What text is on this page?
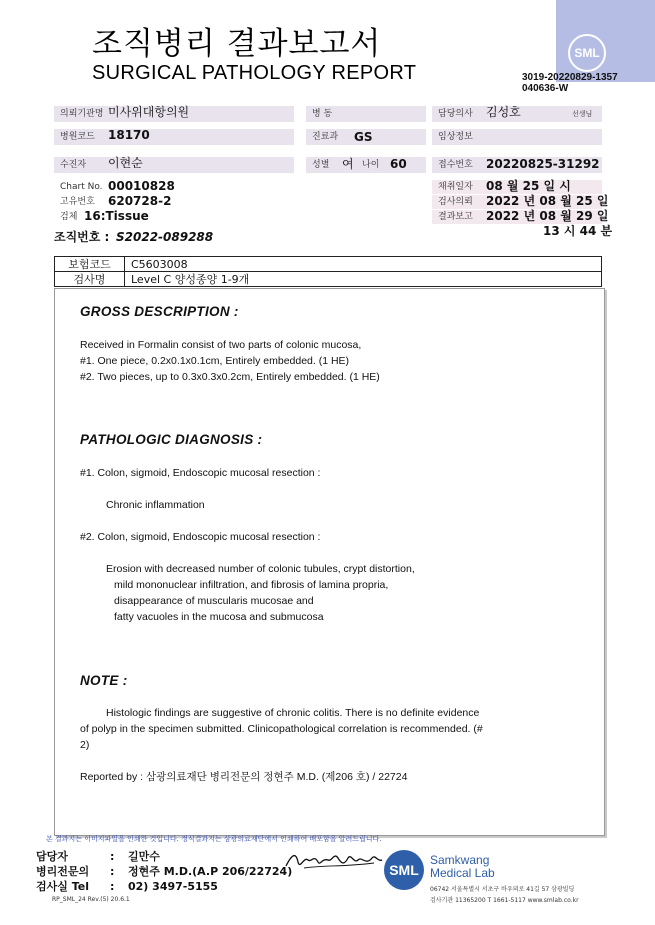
조직병리 결과보고서
SURGICAL PATHOLOGY REPORT
SML
3019-20220829-1357
040636-W
의뢰기관명 미사위대항의원	병 동	담당의사	김성호	선생님
병원코드	18170	진료과	GS	임상정보
수진자	이현순	성별	여 나이 60	접수번호	20220825-31292
Chart No. 00010828
고유번호 620728-2
검체 16:Tissue
채취일자 08 월 25 일 시
검사의뢰 2022 년 08 월 25 일
결과보고 2022 년 08 월 29 일
13 시 44 분
조직번호 : S2022-089288
보험코드	C5603008
검사명	Level C 양성종양 1-9개
GROSS DESCRIPTION :
Received in Formalin consist of two parts of colonic mucosa,
#1. One piece, 0.2x0.1x0.1cm, Entirely embedded. (1 HE)
#2. Two pieces, up to 0.3x0.3x0.2cm, Entirely embedded. (1 HE)
PATHOLOGIC DIAGNOSIS :
#1. Colon, sigmoid, Endoscopic mucosal resection :
Chronic inflammation
#2. Colon, sigmoid, Endoscopic mucosal resection :
Erosion with decreased number of colonic tubules, crypt distortion,
mild mononuclear infiltration, and fibrosis of lamina propria,
disappearance of muscularis mucosae and
fatty vacuoles in the mucosa and submucosa
NOTE :
Histologic findings are suggestive of chronic colitis. There is no definite evidence
of polyp in the specimen submitted. Clinicopathological correlation is recommended. (#
2)
Reported by : 삼광의료재단 병리전문의 정현주 M.D. (제206 호) / 22724
본 결과지는 이미지파일을 인쇄한 것입니다. 정식결과지는 삼광의료재단에서 인쇄하여 배포함을 알려드립니다.
담당자	: 길만수
병리전문의 : 정현주 M.D.(A.P 206/22724)
검사실 Tel : 02) 3497-5155
SML
Samkwang
Medical Lab
06742 서울특별시 서초구 바우뫼로 41길 57 삼광빌딩
검사기관 11365200 T 1661-5117 www.smlab.co.kr
RP_SML_24 Rev.(5) 20.6.1
